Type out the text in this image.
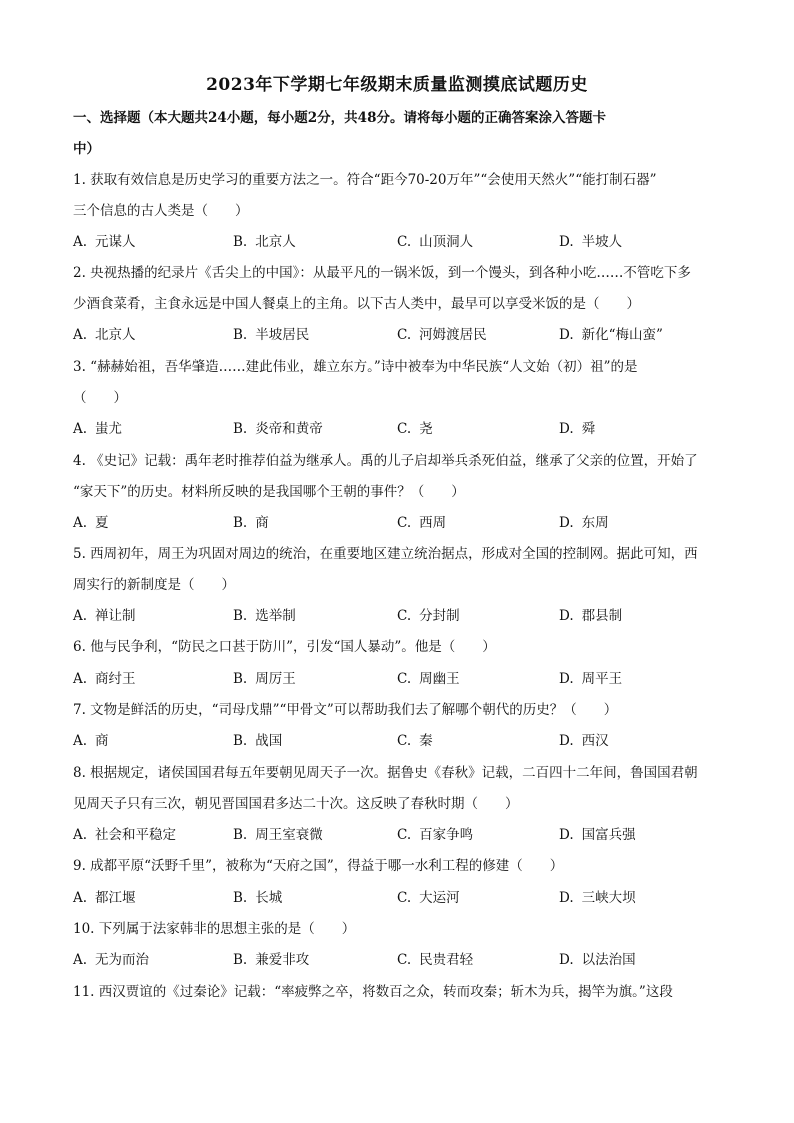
2023年下学期七年级期末质量监测摸底试题历史
一、选择题（本大题共24小题，每小题2分，共48分。请将每小题的正确答案涂入答题卡
中）
1. 获取有效信息是历史学习的重要方法之一。符合“距今70-20万年”“会使用天然火”“能打制石器”
三个信息的古人类是（　　）
A. 元谋人	B. 北京人	C. 山顶洞人	D. 半坡人
2. 央视热播的纪录片《舌尖上的中国》：从最平凡的一锅米饭，到一个馒头，到各种小吃……不管吃下多
少酒食菜肴，主食永远是中国人餐桌上的主角。以下古人类中，最早可以享受米饭的是（　　）
A. 北京人	B. 半坡居民	C. 河姆渡居民	D. 新化“梅山蛮”
3. “赫赫始祖，吾华肇造……建此伟业，雄立东方。”诗中被奉为中华民族“人文始（初）祖”的是
（　　）
A. 蚩尤	B. 炎帝和黄帝	C. 尧	D. 舜
4. 《史记》记载：禹年老时推荐伯益为继承人。禹的儿子启却举兵杀死伯益，继承了父亲的位置，开始了
“家天下”的历史。材料所反映的是我国哪个王朝的事件？（　　）
A. 夏	B. 商	C. 西周	D. 东周
5. 西周初年，周王为巩固对周边的统治，在重要地区建立统治据点，形成对全国的控制网。据此可知，西
周实行的新制度是（　　）
A. 禅让制	B. 选举制	C. 分封制	D. 郡县制
6. 他与民争利，“防民之口甚于防川”，引发“国人暴动”。他是（　　）
A. 商纣王	B. 周厉王	C. 周幽王	D. 周平王
7. 文物是鲜活的历史，“司母戊鼎”“甲骨文”可以帮助我们去了解哪个朝代的历史？（　　）
A. 商	B. 战国	C. 秦	D. 西汉
8. 根据规定，诸侯国国君每五年要朝见周天子一次。据鲁史《春秋》记载，二百四十二年间，鲁国国君朝
见周天子只有三次，朝见晋国国君多达二十次。这反映了春秋时期（　　）
A. 社会和平稳定	B. 周王室衰微	C. 百家争鸣	D. 国富兵强
9. 成都平原“沃野千里”，被称为“天府之国”，得益于哪一水利工程的修建（　　）
A. 都江堰	B. 长城	C. 大运河	D. 三峡大坝
10. 下列属于法家韩非的思想主张的是（　　）
A. 无为而治	B. 兼爱非攻	C. 民贵君轻	D. 以法治国
11. 西汉贾谊的《过秦论》记载：“率疲弊之卒，将数百之众，转而攻秦；斩木为兵，揭竿为旗。”这段
